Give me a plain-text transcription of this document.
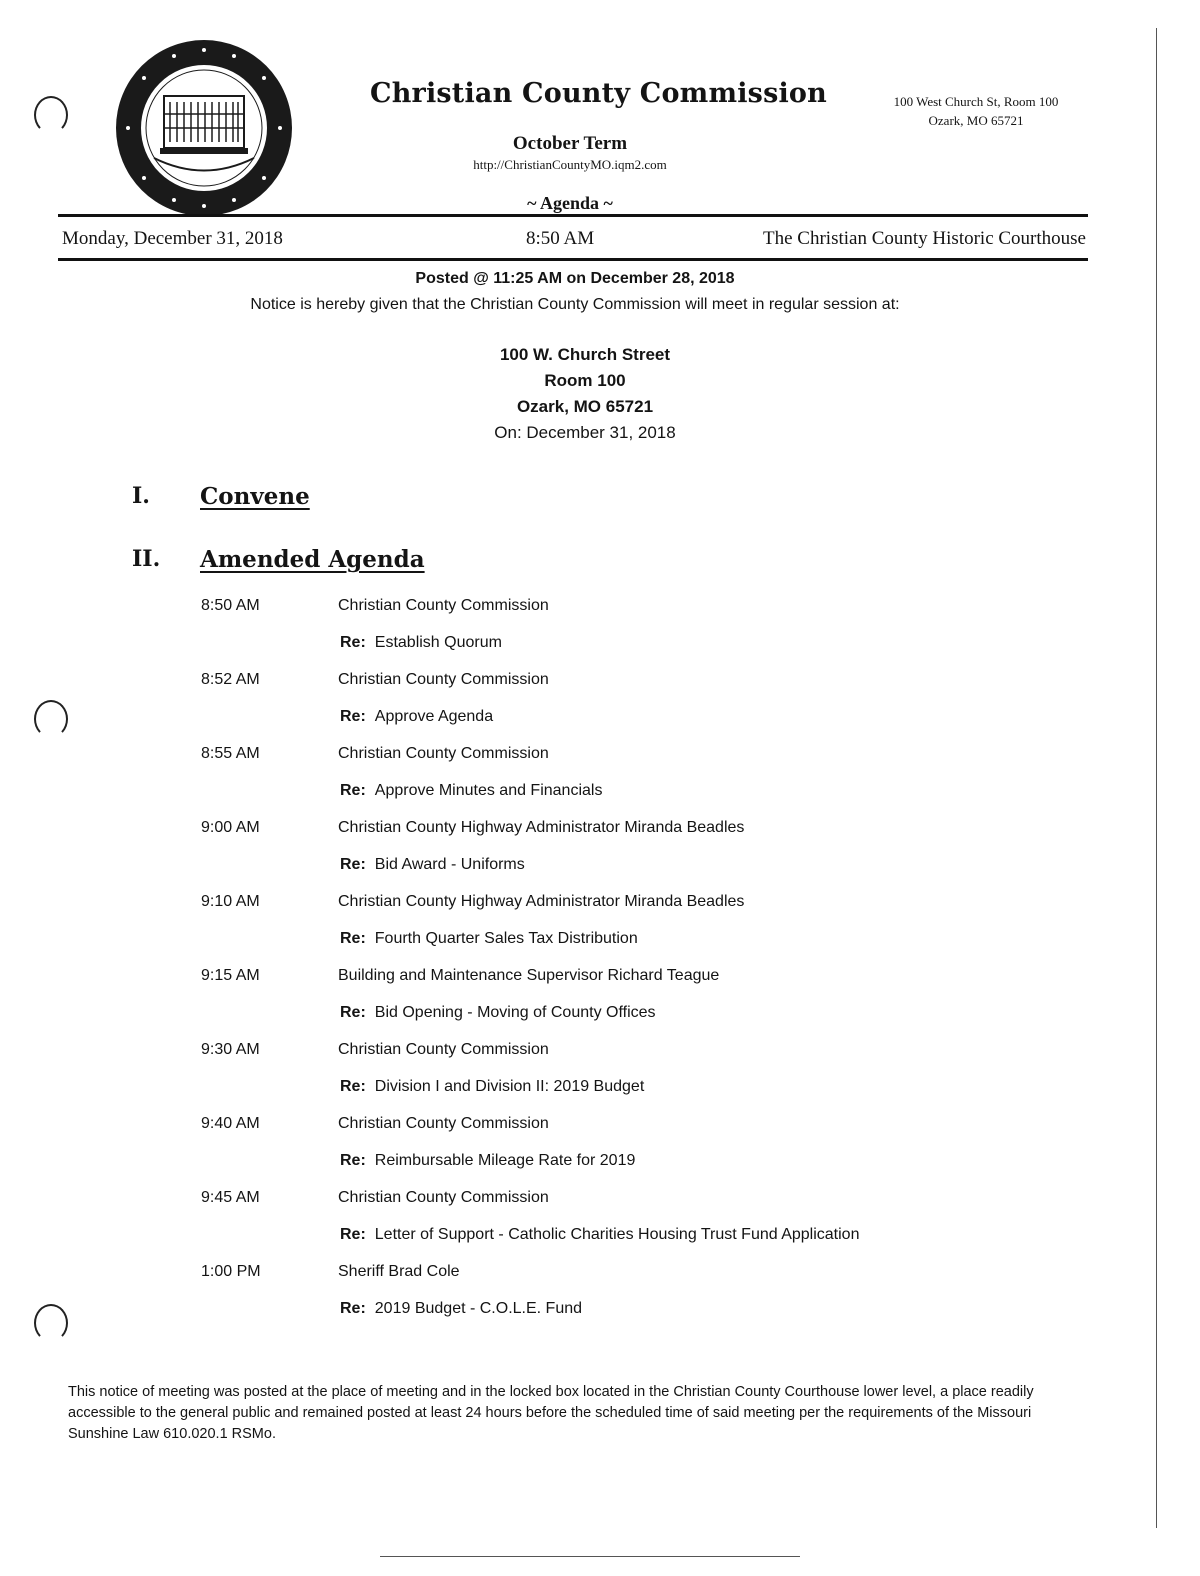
Christian County Commission	100 West Church St, Room 100
Ozark, MO 65721
October Term
http://ChristianCountyMO.iqm2.com
~ Agenda ~
Monday, December 31, 2018	8:50 AM	The Christian County Historic Courthouse
Posted @ 11:25 AM on December 28, 2018
Notice is hereby given that the Christian County Commission will meet in regular session at:
100 W. Church Street
Room 100
Ozark, MO 65721
On: December 31, 2018
I. Convene
II. Amended Agenda
8:50 AM	Christian County Commission
Re: Establish Quorum
8:52 AM	Christian County Commission
Re: Approve Agenda
8:55 AM	Christian County Commission
Re: Approve Minutes and Financials
9:00 AM	Christian County Highway Administrator Miranda Beadles
Re: Bid Award - Uniforms
9:10 AM	Christian County Highway Administrator Miranda Beadles
Re: Fourth Quarter Sales Tax Distribution
9:15 AM	Building and Maintenance Supervisor Richard Teague
Re: Bid Opening - Moving of County Offices
9:30 AM	Christian County Commission
Re: Division I and Division II: 2019 Budget
9:40 AM	Christian County Commission
Re: Reimbursable Mileage Rate for 2019
9:45 AM	Christian County Commission
Re: Letter of Support - Catholic Charities Housing Trust Fund Application
1:00 PM	Sheriff Brad Cole
Re: 2019 Budget - C.O.L.E. Fund
This notice of meeting was posted at the place of meeting and in the locked box located in the Christian County Courthouse lower level, a place readily accessible to the general public and remained posted at least 24 hours before the scheduled time of said meeting per the requirements of the Missouri Sunshine Law 610.020.1 RSMo.
